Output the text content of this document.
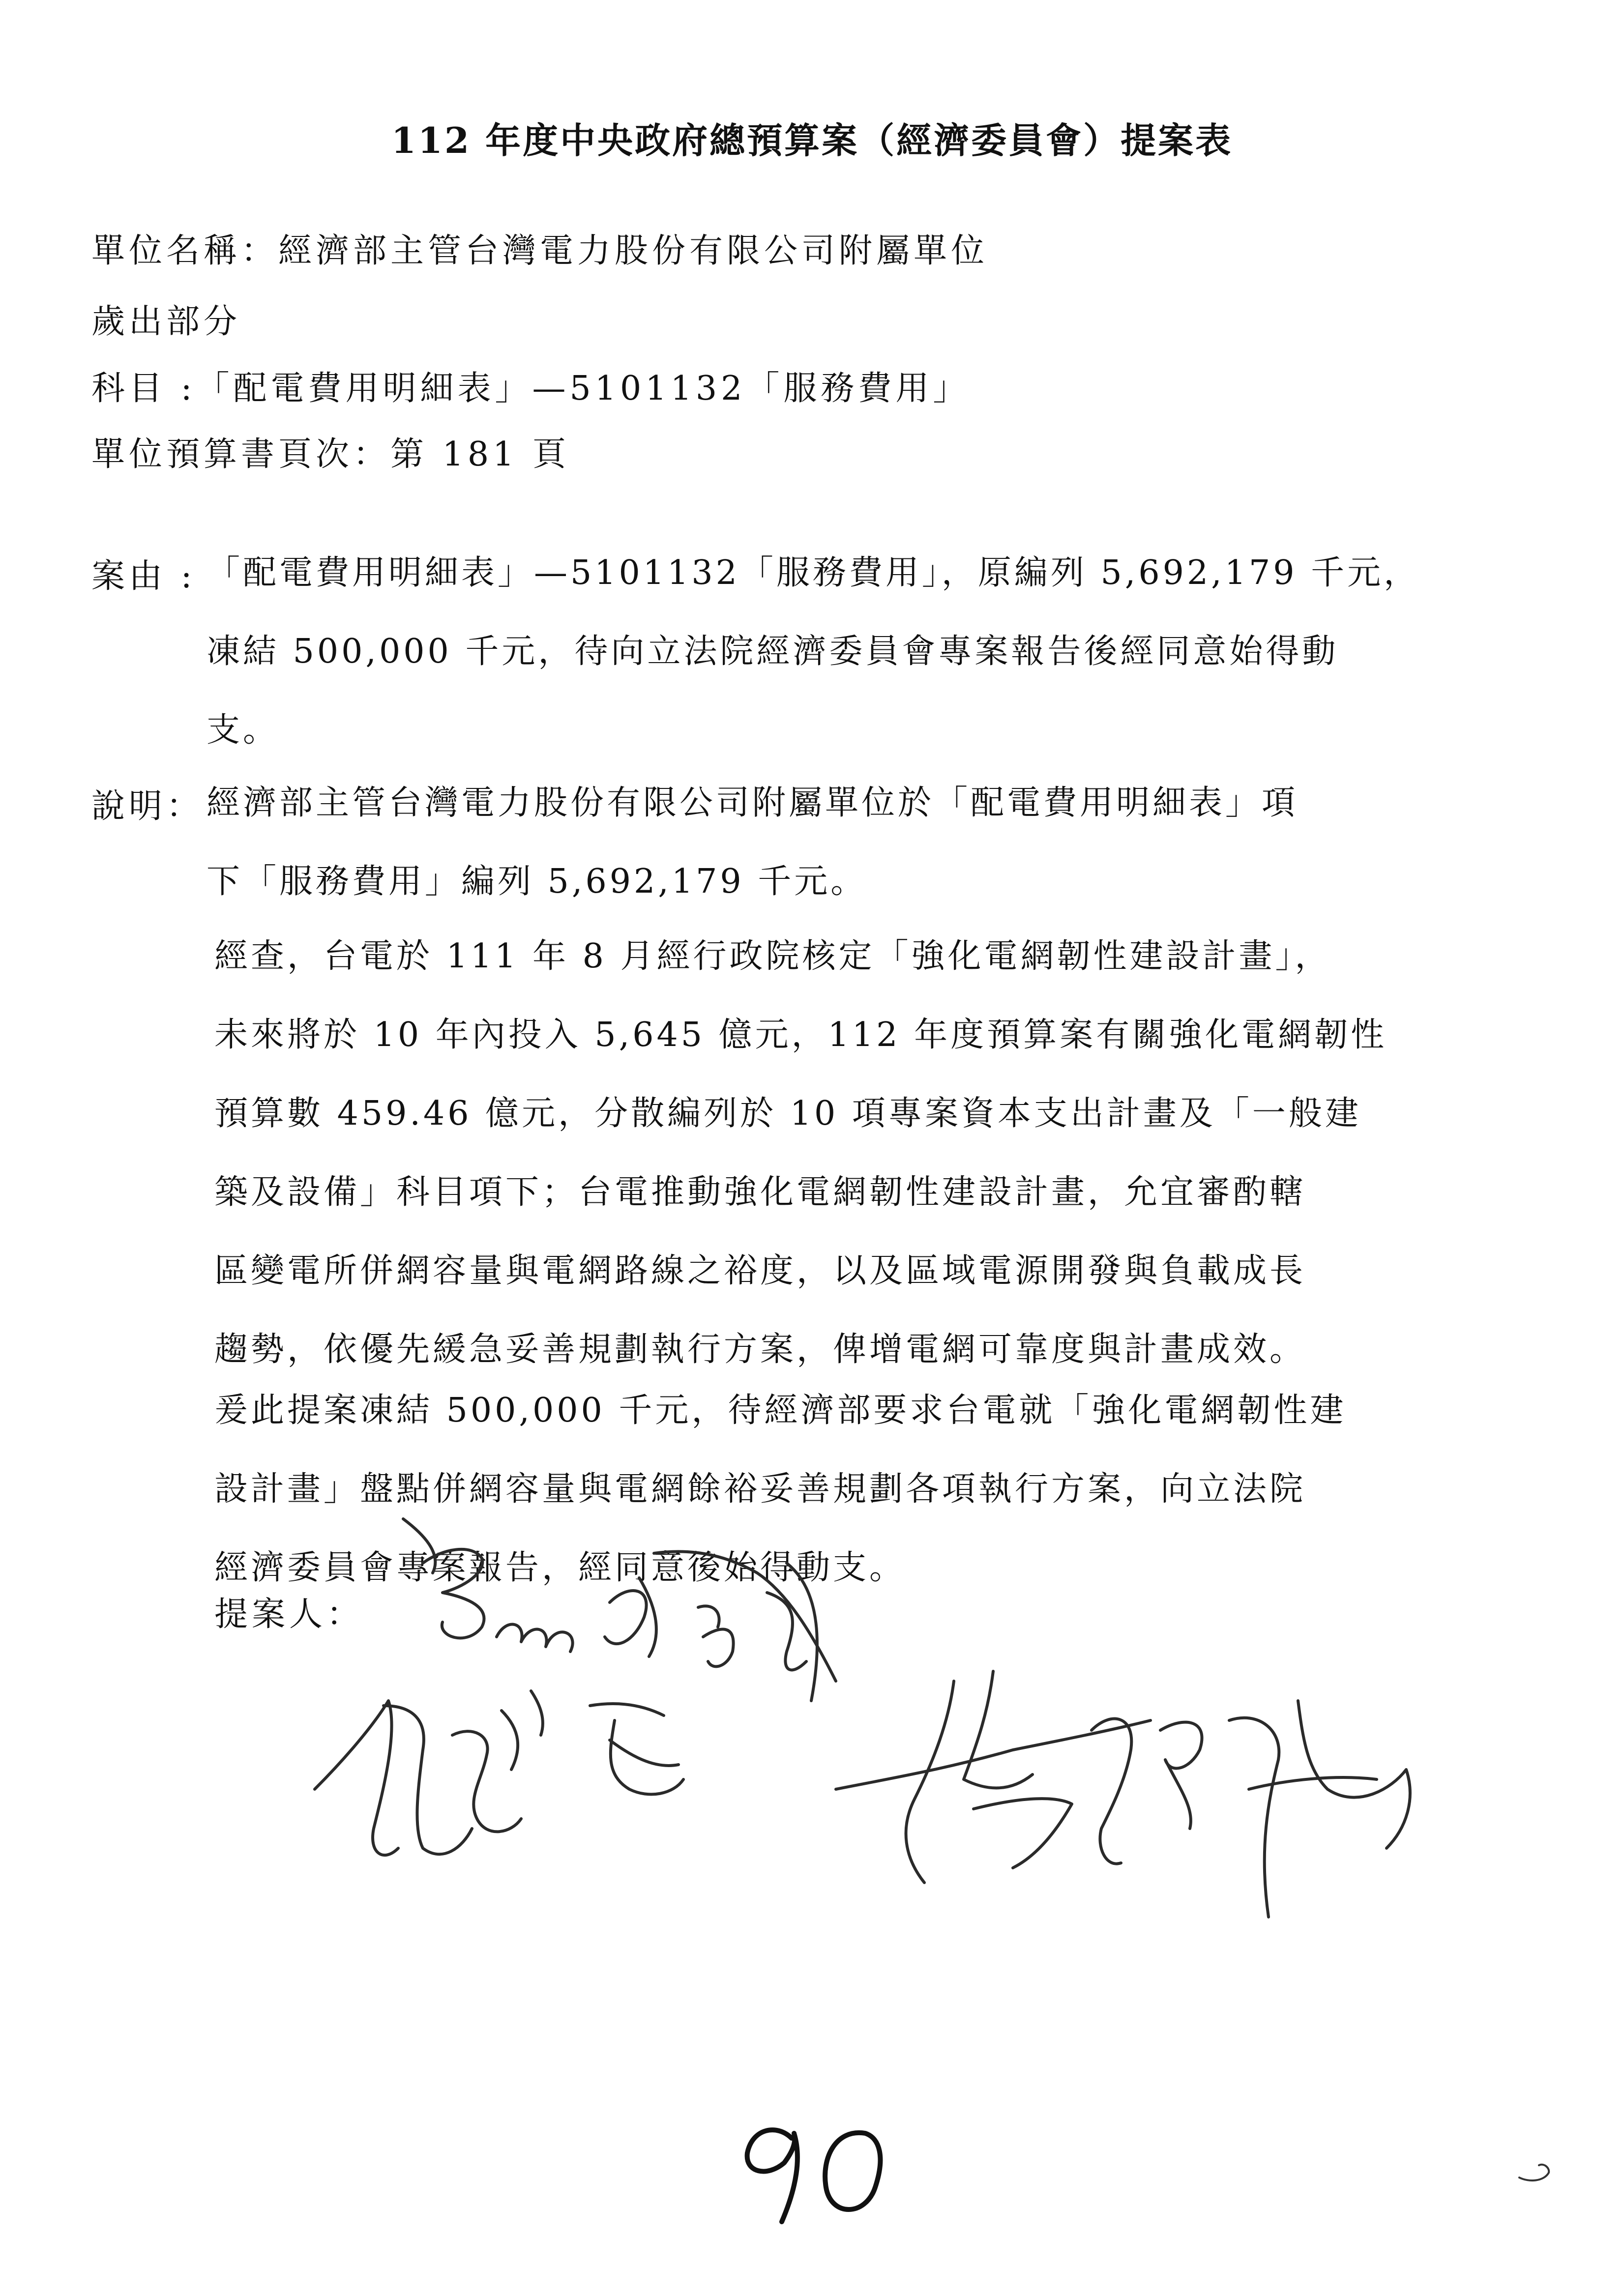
112 年度中央政府總預算案（經濟委員會）提案表
單位名稱：經濟部主管台灣電力股份有限公司附屬單位
歲出部分
科目 :「配電費用明細表」—5101132「服務費用」
單位預算書頁次：第 181 頁
案由 : 「配電費用明細表」—5101132「服務費用」，原編列 5,692,179 千元，
凍結 500,000 千元，待向立法院經濟委員會專案報告後經同意始得動
支。

說明： 經濟部主管台灣電力股份有限公司附屬單位於「配電費用明細表」項
下「服務費用」編列 5,692,179 千元。

經查，台電於 111 年 8 月經行政院核定「強化電網韌性建設計畫」，
未來將於 10 年內投入 5,645 億元，112 年度預算案有關強化電網韌性
預算數 459.46 億元，分散編列於 10 項專案資本支出計畫及「一般建
築及設備」科目項下；台電推動強化電網韌性建設計畫，允宜審酌轄
區變電所併網容量與電網路線之裕度，以及區域電源開發與負載成長
趨勢，依優先緩急妥善規劃執行方案，俾增電網可靠度與計畫成效。

爰此提案凍結 500,000 千元，待經濟部要求台電就「強化電網韌性建
設計畫」盤點併網容量與電網餘裕妥善規劃各項執行方案，向立法院
經濟委員會專案報告，經同意後始得動支。

提案人：
90
